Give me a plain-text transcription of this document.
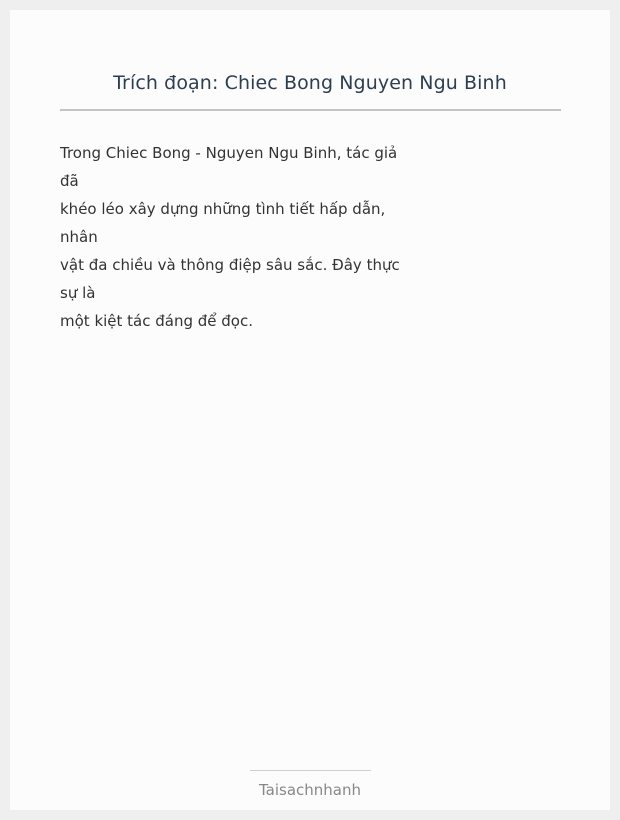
Trích đoạn: Chiec Bong Nguyen Ngu Binh
Trong Chiec Bong - Nguyen Ngu Binh, tác giả
đã
khéo léo xây dựng những tình tiết hấp dẫn,
nhân
vật đa chiều và thông điệp sâu sắc. Đây thực
sự là
một kiệt tác đáng để đọc.
Taisachnhanh
